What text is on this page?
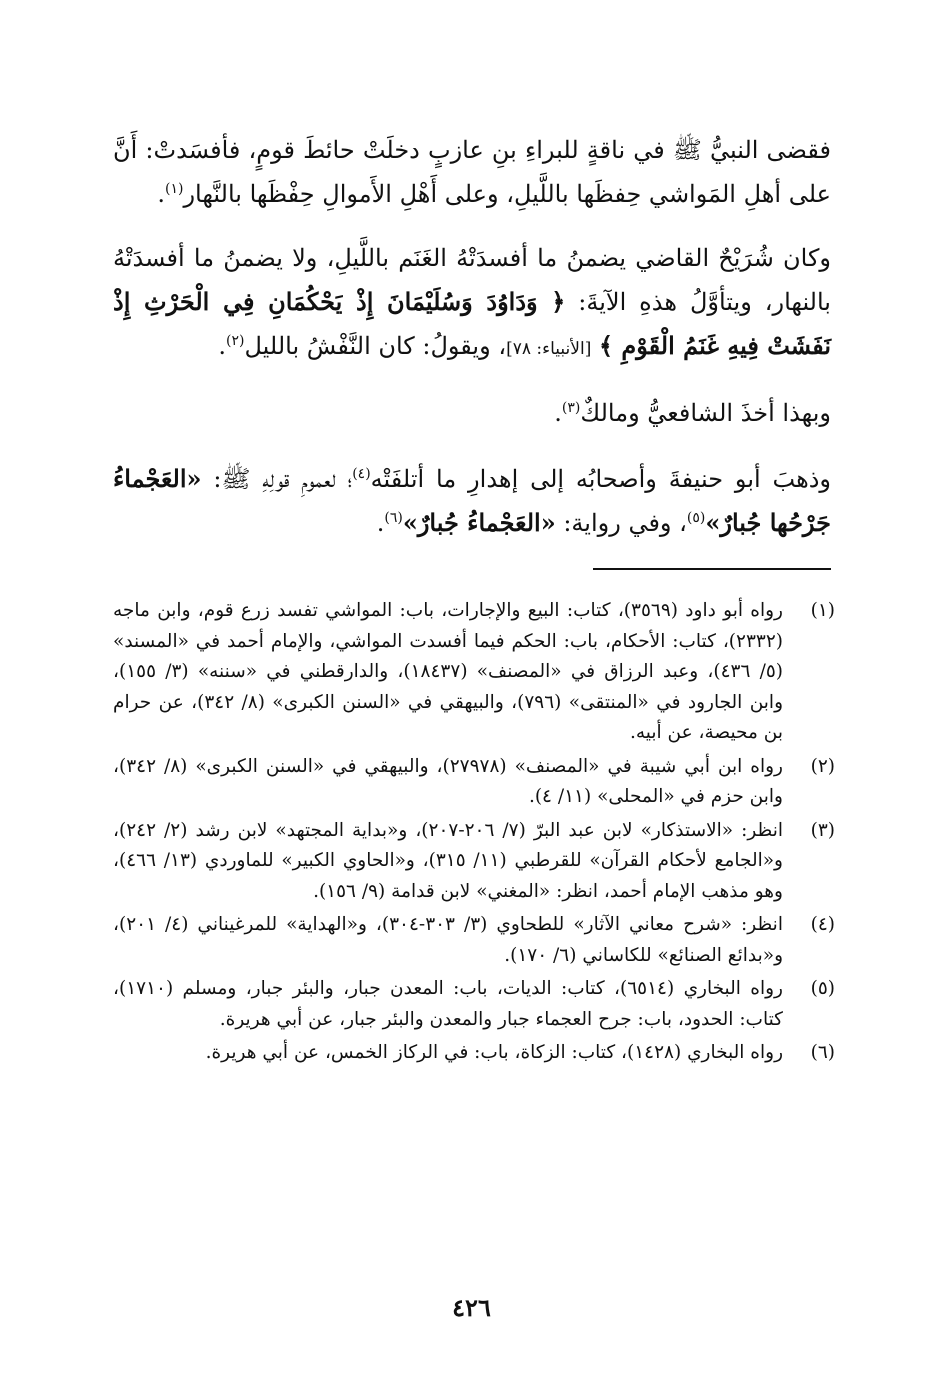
فقضى النبيُّ ﷺ في ناقةٍ للبراءِ بنِ عازبٍ دخلَتْ حائطَ قومٍ، فأفسَدتْ: أَنَّ على أهلِ المَواشي حِفظَها باللَّيلِ، وعلى أَهْلِ الأَموالِ حِفْظَها بالنَّهار$^{(١)}$.

وكان شُرَيْحٌ القاضي يضمنُ ما أفسدَتْهُ الغَنَم باللَّيلِ، ولا يضمنُ ما أفسدَتْهُ بالنهار، ويتأوَّلُ هذهِ الآيةَ: ﴿ وَدَاوُدَ وَسُلَيْمَانَ إِذْ يَحْكُمَانِ فِي الْحَرْثِ إِذْ نَفَشَتْ فِيهِ غَنَمُ الْقَوْمِ ﴾ [الأنبياء: ٧٨]، ويقولُ: كان النَّفْشُ بالليل$^{(٢)}$.

وبهذا أخذَ الشافعيُّ ومالكٌ$^{(٣)}$.

وذهبَ أبو حنيفةَ وأصحابُه إلى إهدارِ ما أتلفَتْه$^{(٤)}$؛ لعمومِ قولِهِ ﷺ: «العَجْماءُ جَرْحُها جُبارٌ»$^{(٥)}$، وفي رواية: «العَجْماءُ جُبارٌ»$^{(٦)}$.

(١)
رواه أبو داود (٣٥٦٩)، كتاب: البيع والإجارات، باب: المواشي تفسد زرع قوم، وابن ماجه (٢٣٣٢)، كتاب: الأحكام، باب: الحكم فيما أفسدت المواشي، والإمام أحمد في «المسند» (٥/ ٤٣٦)، وعبد الرزاق في «المصنف» (١٨٤٣٧)، والدارقطني في «سننه» (٣/ ١٥٥)، وابن الجارود في «المنتقى» (٧٩٦)، والبيهقي في «السنن الكبرى» (٨/ ٣٤٢)، عن حرام بن محيصة، عن أبيه.
(٢)
رواه ابن أبي شيبة في «المصنف» (٢٧٩٧٨)، والبيهقي في «السنن الكبرى» (٨/ ٣٤٢)، وابن حزم في «المحلى» (١١/ ٤).
(٣)
انظر: «الاستذكار» لابن عبد البرّ (٧/ ٢٠٦-٢٠٧)، و«بداية المجتهد» لابن رشد (٢/ ٢٤٢)، و«الجامع لأحكام القرآن» للقرطبي (١١/ ٣١٥)، و«الحاوي الكبير» للماوردي (١٣/ ٤٦٦)، وهو مذهب الإمام أحمد، انظر: «المغني» لابن قدامة (٩/ ١٥٦).
(٤)
انظر: «شرح معاني الآثار» للطحاوي (٣/ ٣٠٣-٣٠٤)، و«الهداية» للمرغيناني (٤/ ٢٠١)، و«بدائع الصنائع» للكاساني (٦/ ١٧٠).
(٥)
رواه البخاري (٦٥١٤)، كتاب: الديات، باب: المعدن جبار، والبئر جبار، ومسلم (١٧١٠)، كتاب: الحدود، باب: جرح العجماء جبار والمعدن والبئر جبار، عن أبي هريرة.
(٦)
رواه البخاري (١٤٢٨)، كتاب: الزكاة، باب: في الركاز الخمس، عن أبي هريرة.
٤٢٦
